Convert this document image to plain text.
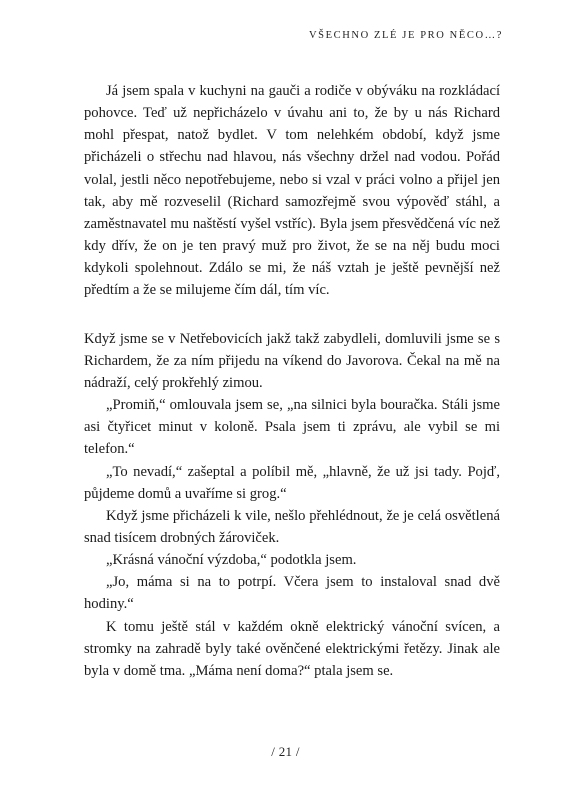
VŠECHNO ZLÉ JE PRO NĚCO…?

Já jsem spala v kuchyni na gauči a rodiče v obýváku na rozkládací pohovce. Teď už nepřicházelo v úvahu ani to, že by u nás Richard mohl přespat, natož bydlet. V tom nelehkém období, když jsme přicházeli o střechu nad hlavou, nás všechny držel nad vodou. Pořád volal, jestli něco nepotřebujeme, nebo si vzal v práci volno a přijel jen tak, aby mě rozveselil (Richard samozřejmě svou výpověď stáhl, a zaměstnavatel mu naštěstí vyšel vstříc). Byla jsem přesvědčená víc než kdy dřív, že on je ten pravý muž pro život, že se na něj budu moci kdykoli spolehnout. Zdálo se mi, že náš vztah je ještě pevnější než předtím a že se milujeme čím dál, tím víc.

Když jsme se v Netřebovicích jakž takž zabydleli, domluvili jsme se s Richardem, že za ním přijedu na víkend do Javorova. Čekal na mě na nádraží, celý prokřehlý zimou.

„Promiň,“ omlouvala jsem se, „na silnici byla bouračka. Stáli jsme asi čtyřicet minut v koloně. Psala jsem ti zprávu, ale vybil se mi telefon.“

„To nevadí,“ zašeptal a políbil mě, „hlavně, že už jsi tady. Pojď, půjdeme domů a uvaříme si grog.“

Když jsme přicházeli k vile, nešlo přehlédnout, že je celá osvětlená snad tisícem drobných žároviček.

„Krásná vánoční výzdoba,“ podotkla jsem.

„Jo, máma si na to potrpí. Včera jsem to instaloval snad dvě hodiny.“

K tomu ještě stál v každém okně elektrický vánoční svícen, a stromky na zahradě byly také ověnčené elektrickými řetězy. Jinak ale byla v domě tma. „Máma není doma?“ ptala jsem se.

/ 21 /
